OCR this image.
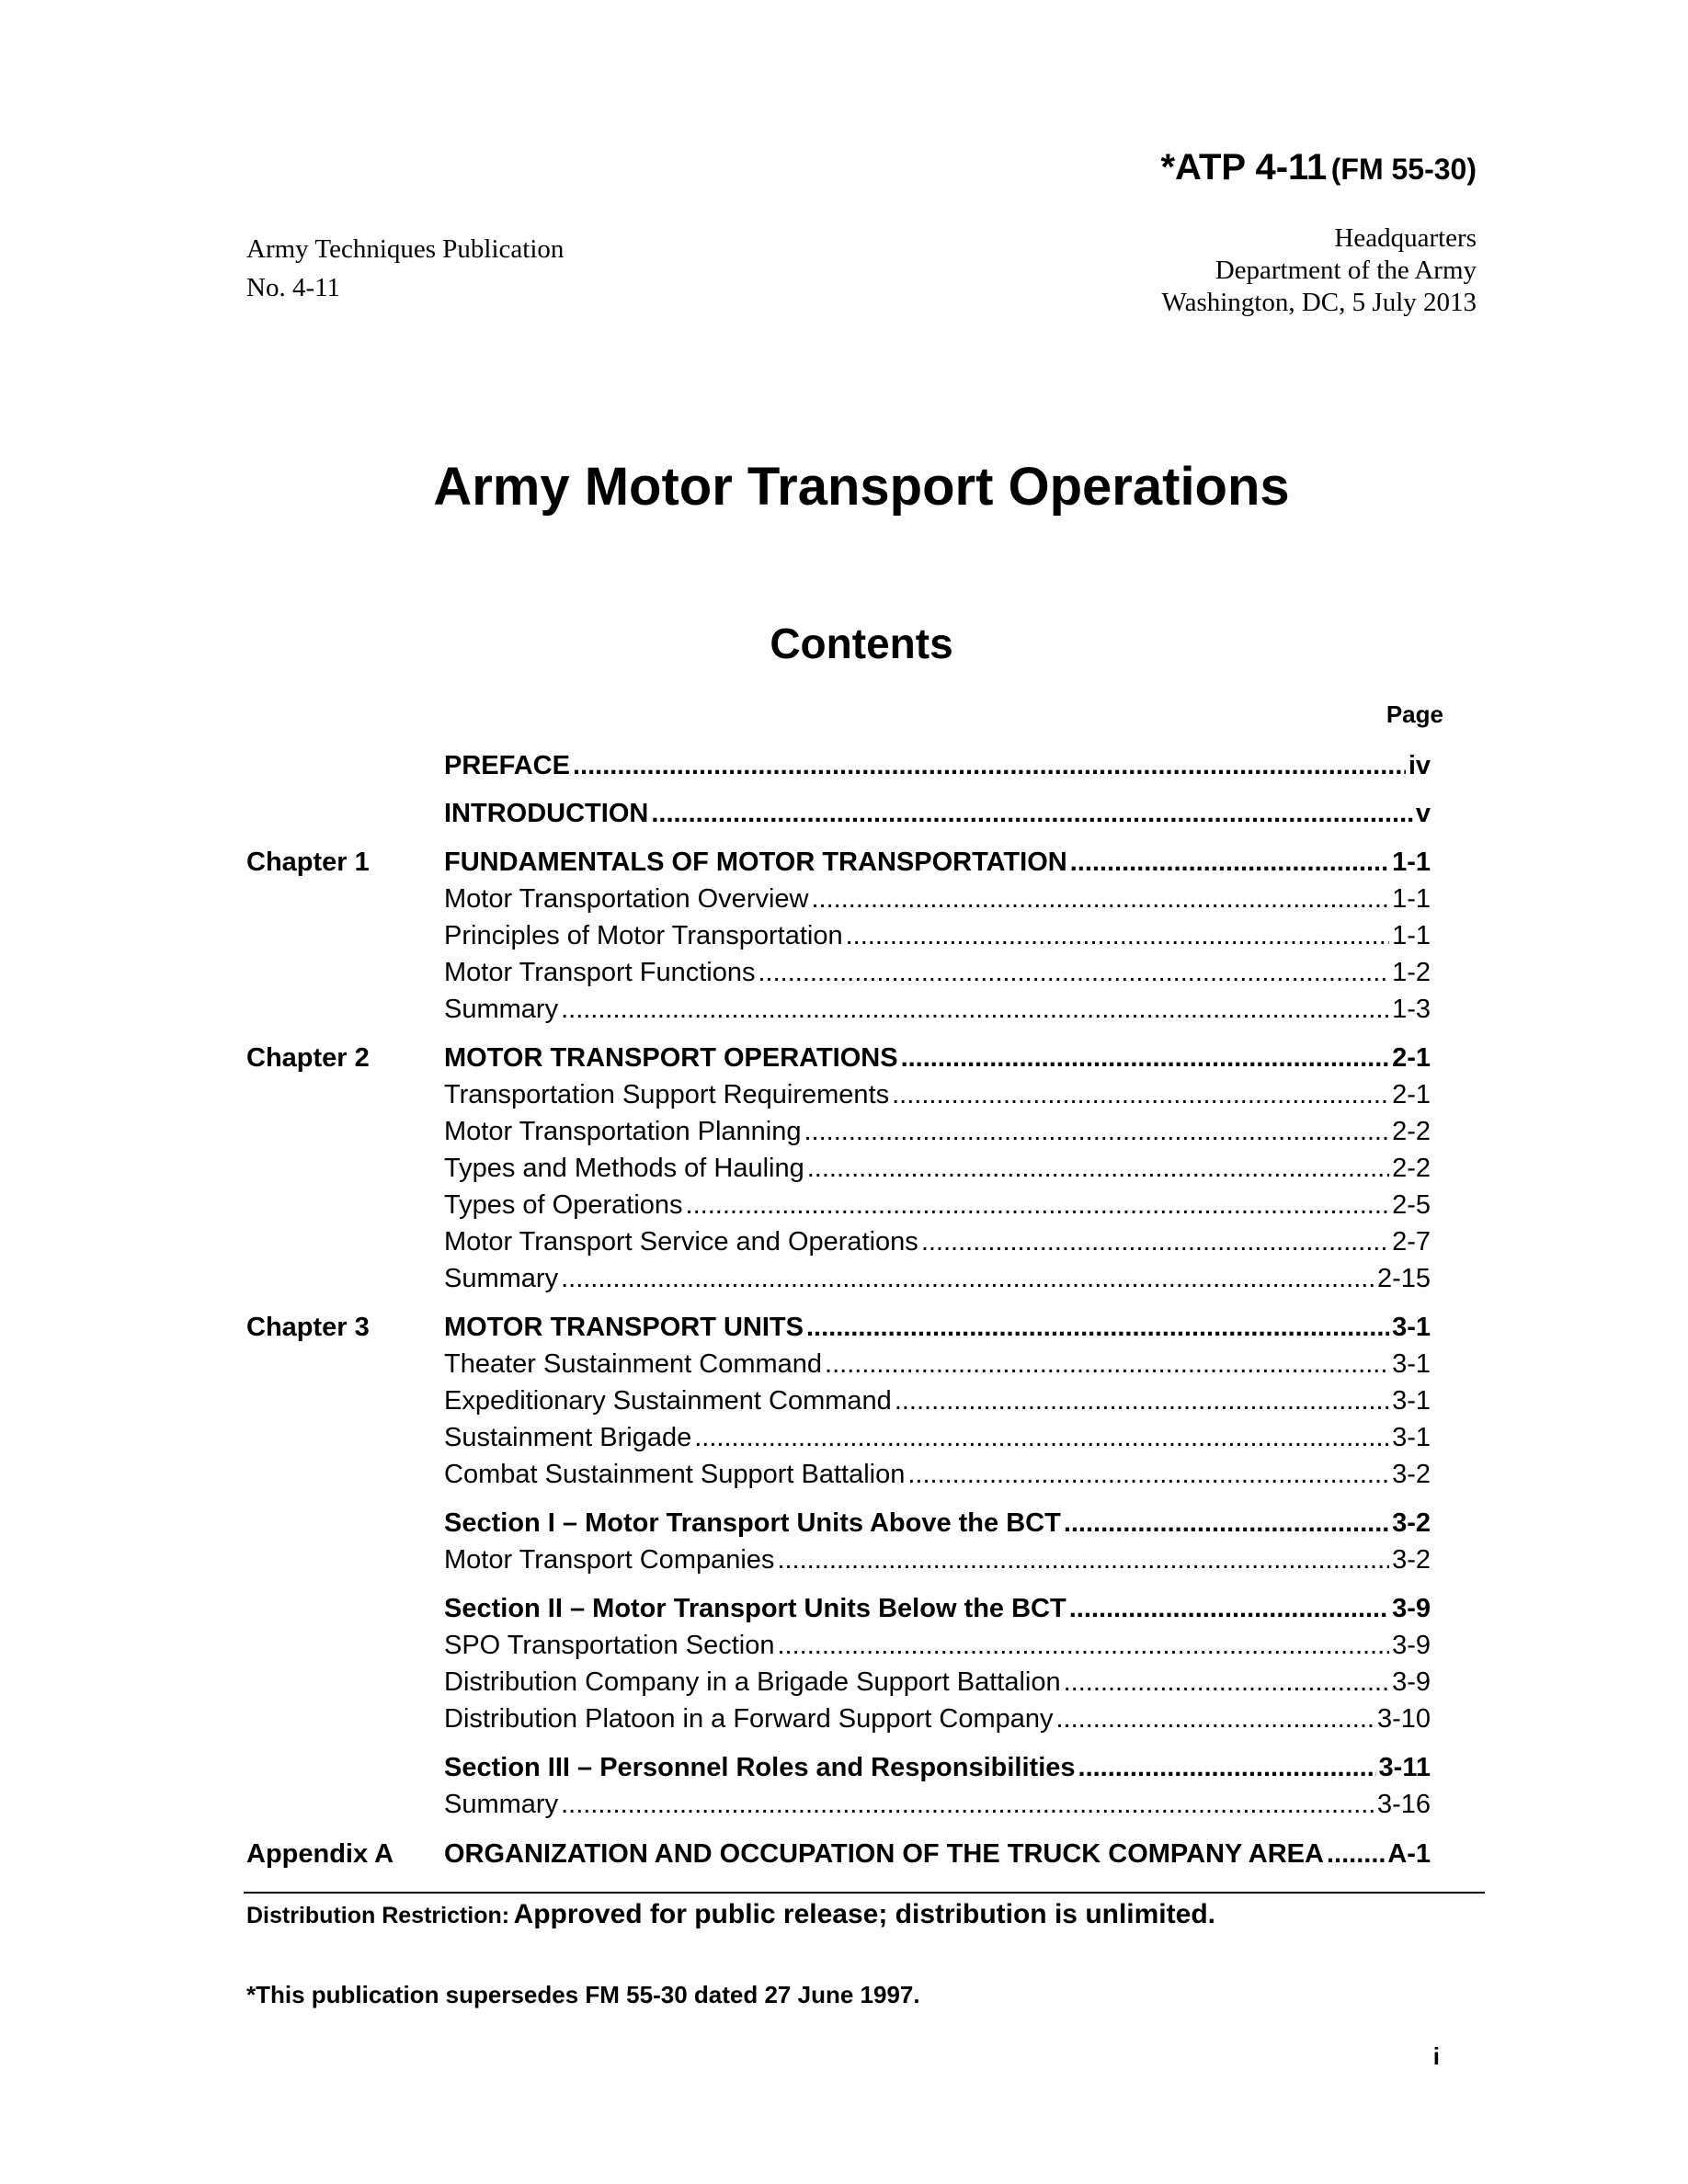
*ATP 4-11 (FM 55-30)
Army Techniques Publication
No. 4-11
Headquarters
Department of the Army
Washington, DC, 5 July 2013
Army Motor Transport Operations
Contents
Page
PREFACE .....	iv
INTRODUCTION .....	v
Chapter 1	FUNDAMENTALS OF MOTOR TRANSPORTATION .....	1-1
Motor Transportation Overview .....	1-1
Principles of Motor Transportation .....	1-1
Motor Transport Functions .....	1-2
Summary .....	1-3
Chapter 2	MOTOR TRANSPORT OPERATIONS .....	2-1
Transportation Support Requirements .....	2-1
Motor Transportation Planning .....	2-2
Types and Methods of Hauling .....	2-2
Types of Operations .....	2-5
Motor Transport Service and Operations .....	2-7
Summary .....	2-15
Chapter 3	MOTOR TRANSPORT UNITS .....	3-1
Theater Sustainment Command .....	3-1
Expeditionary Sustainment Command .....	3-1
Sustainment Brigade .....	3-1
Combat Sustainment Support Battalion .....	3-2
Section I – Motor Transport Units Above the BCT .....	3-2
Motor Transport Companies .....	3-2
Section II – Motor Transport Units Below the BCT .....	3-9
SPO Transportation Section .....	3-9
Distribution Company in a Brigade Support Battalion .....	3-9
Distribution Platoon in a Forward Support Company .....	3-10
Section III – Personnel Roles and Responsibilities .....	3-11
Summary .....	3-16
Appendix A ORGANIZATION AND OCCUPATION OF THE TRUCK COMPANY AREA ..... A-1
Distribution Restriction: Approved for public release; distribution is unlimited.
*This publication supersedes FM 55-30 dated 27 June 1997.
i
